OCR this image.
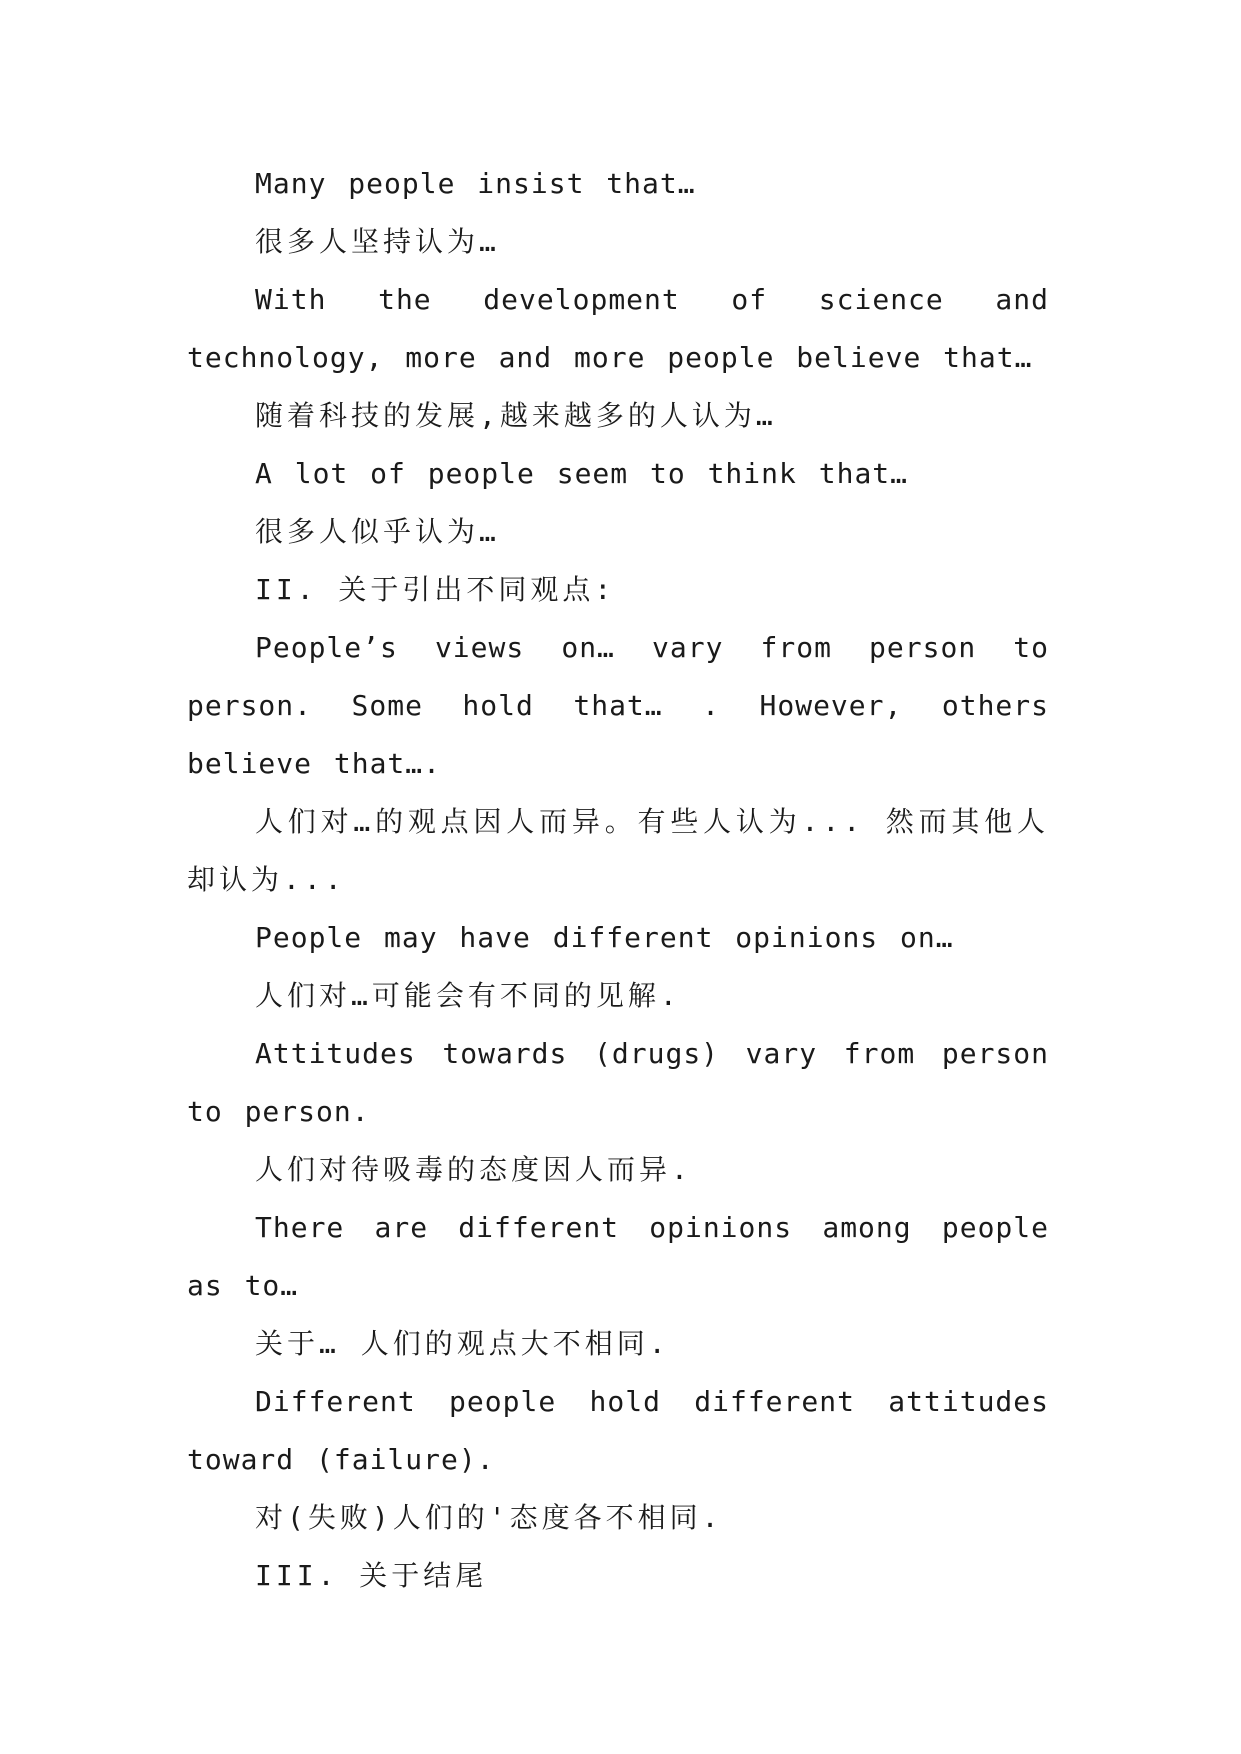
Many people insist that…

很多人坚持认为…

With the development of science and technology, more and more people believe that…

随着科技的发展,越来越多的人认为…

A lot of people seem to think that…

很多人似乎认为…

II. 关于引出不同观点:

People’s views on… vary from person to person. Some hold that… . However, others believe that….

人们对…的观点因人而异。有些人认为... 然而其他人却认为...

People may have different opinions on…

人们对…可能会有不同的见解.

Attitudes towards (drugs) vary from person to person.

人们对待吸毒的态度因人而异.

There are different opinions among people as to…

关于… 人们的观点大不相同.

Different people hold different attitudes toward (failure).

对(失败)人们的'态度各不相同.

III. 关于结尾
